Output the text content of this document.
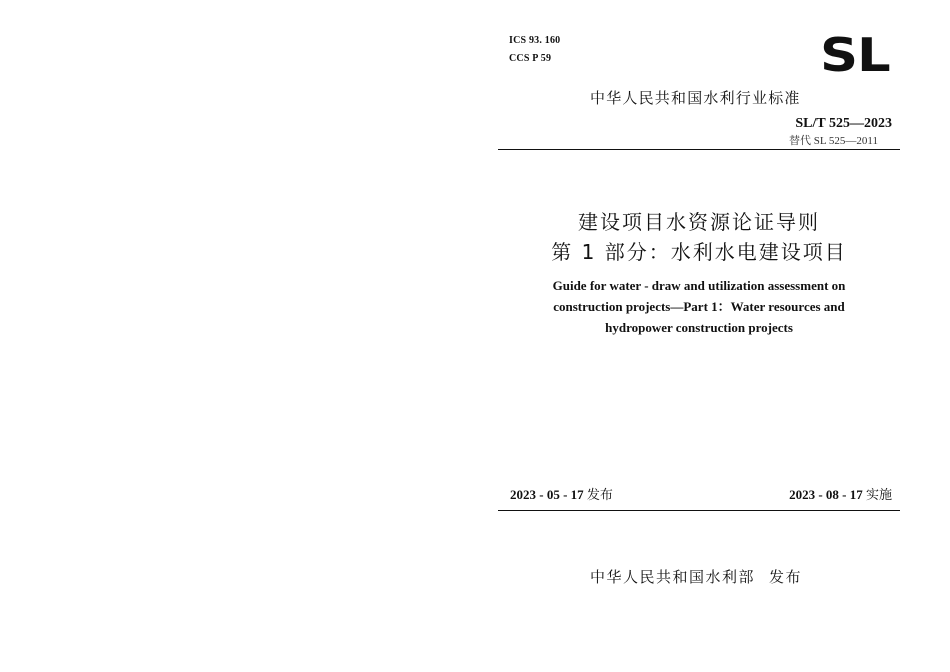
ICS 93. 160
CCS P 59	SL
中华人民共和国水利行业标准
SL/T 525—2023
替代 SL 525—2011
建设项目水资源论证导则
第 1 部分：水利水电建设项目
Guide for water - draw and utilization assessment on
construction projects—Part 1：Water resources and
hydropower construction projects
2023 - 05 - 17 发布	2023 - 08 - 17 实施
中华人民共和国水利部 发布
